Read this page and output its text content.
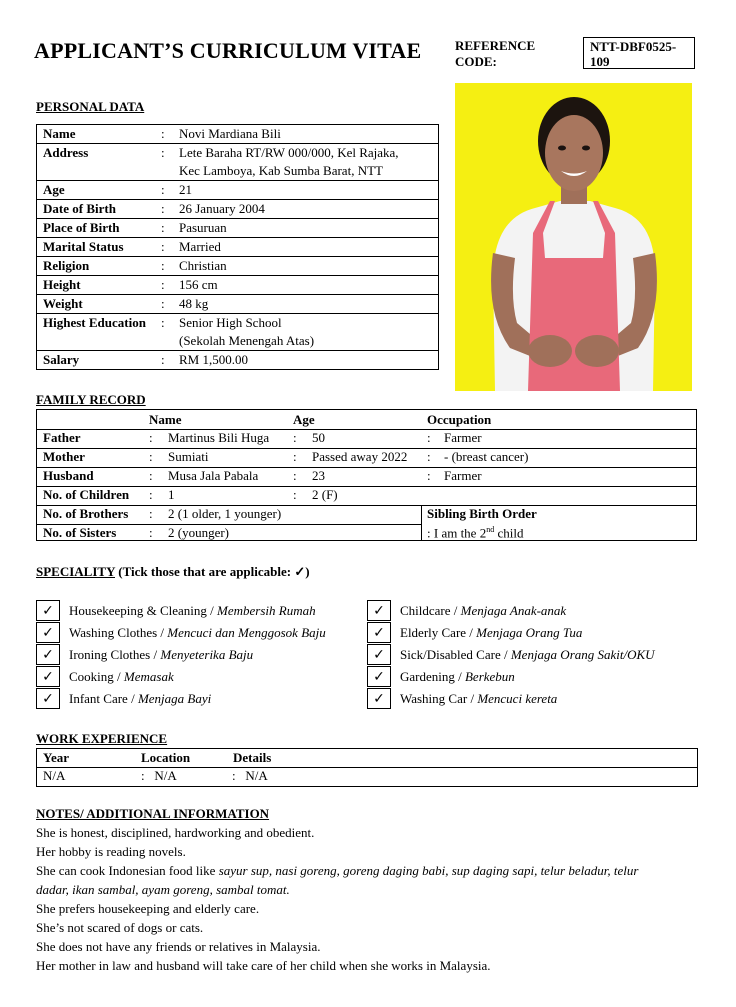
APPLICANT’S CURRICULUM VITAE	REFERENCE
CODE:
NTT-DBF0525-
109
PERSONAL DATA
Name	:	Novi Mardiana Bili

Address	:	Lete Baraha RT/RW 000/000, Kel Rajaka,
Kec Lamboya, Kab Sumba Barat, NTT

Age	:	21

Date of Birth	:	26 January 2004

Place of Birth	:	Pasuruan

Marital Status	:	Married

Religion	:	Christian

Height	:	156 cm

Weight	:	48 kg

Highest Education	:	Senior High School
(Sekolah Menengah Atas)

Salary	:	RM 1,500.00
FAMILY RECORD
Name	Age	Occupation
Father	: Martinus Bili Huga : 50	: Farmer
Mother	: Sumiati	: Passed away 2022 : - (breast cancer)
Husband	: Musa Jala Pabala	: 23	: Farmer
No. of Children : 1	: 2 (F)
No. of Brothers : 2 (1 older, 1 younger)	Sibling Birth Order
No. of Sisters	: 2 (younger)	: I am the 2nd child
SPECIALITY (Tick those that are applicable: ✓)
✓	Housekeeping & Cleaning / Membersih Rumah
✓	Washing Clothes / Mencuci dan Menggosok Baju
✓	Ironing Clothes / Menyeterika Baju
✓	Cooking / Memasak
✓	Infant Care / Menjaga Bayi
✓	Childcare / Menjaga Anak-anak
✓	Elderly Care / Menjaga Orang Tua
✓	Sick/Disabled Care / Menjaga Orang Sakit/OKU
✓	Gardening / Berkebun
✓	Washing Car / Mencuci kereta
WORK EXPERIENCE
Year	Location	Details
N/A	:   N/A	:   N/A
NOTES/ ADDITIONAL INFORMATION
She is honest, disciplined, hardworking and obedient.
Her hobby is reading novels.
She can cook Indonesian food like sayur sup, nasi goreng, goreng daging babi, sup daging sapi, telur beladur, telur
dadar, ikan sambal, ayam goreng, sambal tomat.
She prefers housekeeping and elderly care.
She’s not scared of dogs or cats.
She does not have any friends or relatives in Malaysia.
Her mother in law and husband will take care of her child when she works in Malaysia.
